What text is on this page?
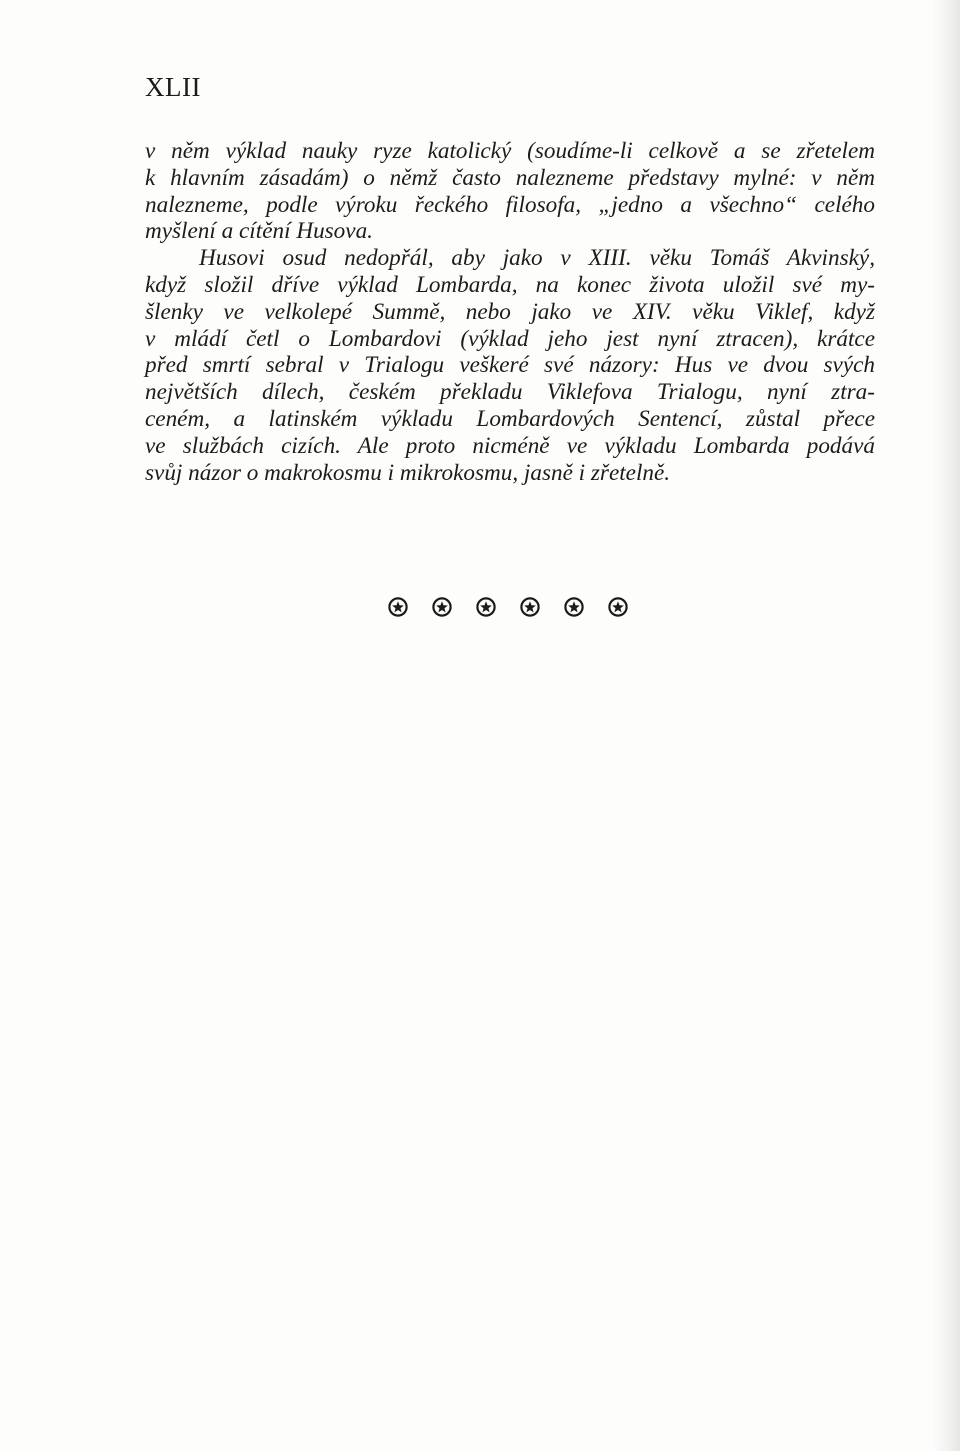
XLII
v něm výklad nauky ryze katolický (soudíme-li celkově a se zřetelem
k hlavním zásadám) o němž často nalezneme představy mylné: v něm
nalezneme, podle výroku řeckého filosofa, „jedno a všechno“ celého
myšlení a cítění Husova.
Husovi osud nedopřál, aby jako v XIII. věku Tomáš Akvinský,
když složil dříve výklad Lombarda, na konec života uložil své my-
šlenky ve velkolepé Summě, nebo jako ve XIV. věku Viklef, když
v mládí četl o Lombardovi (výklad jeho jest nyní ztracen), krátce
před smrtí sebral v Trialogu veškeré své názory: Hus ve dvou svých
největších dílech, českém překladu Viklefova Trialogu, nyní ztra-
ceném, a latinském výkladu Lombardových Sentencí, zůstal přece
ve službách cizích. Ale proto nicméně ve výkladu Lombarda podává
svůj názor o makrokosmu i mikrokosmu, jasně i zřetelně.
